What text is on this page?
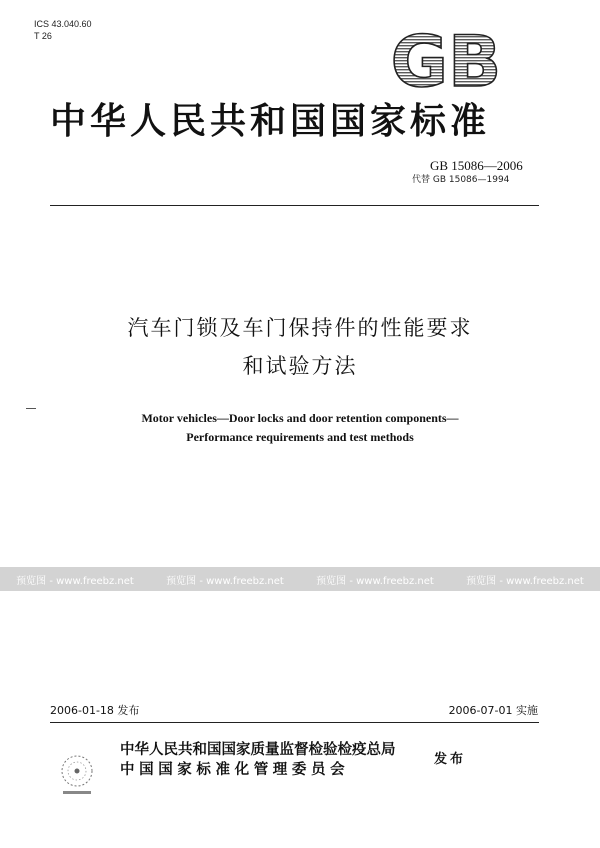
ICS 43.040.60
T 26	GB
中华人民共和国国家标准
GB 15086—2006
代替 GB 15086—1994
汽车门锁及车门保持件的性能要求
和试验方法
Motor vehicles—Door locks and door retention components—
Performance requirements and test methods
预览图 - www.freebz.net	预览图 - www.freebz.net	预览图 - www.freebz.net	预览图 - www.freebz.net
2006-01-18 发布	2006-07-01 实施
中华人民共和国国家质量监督检验检疫总局
中国国家标准化管理委员会
发布
